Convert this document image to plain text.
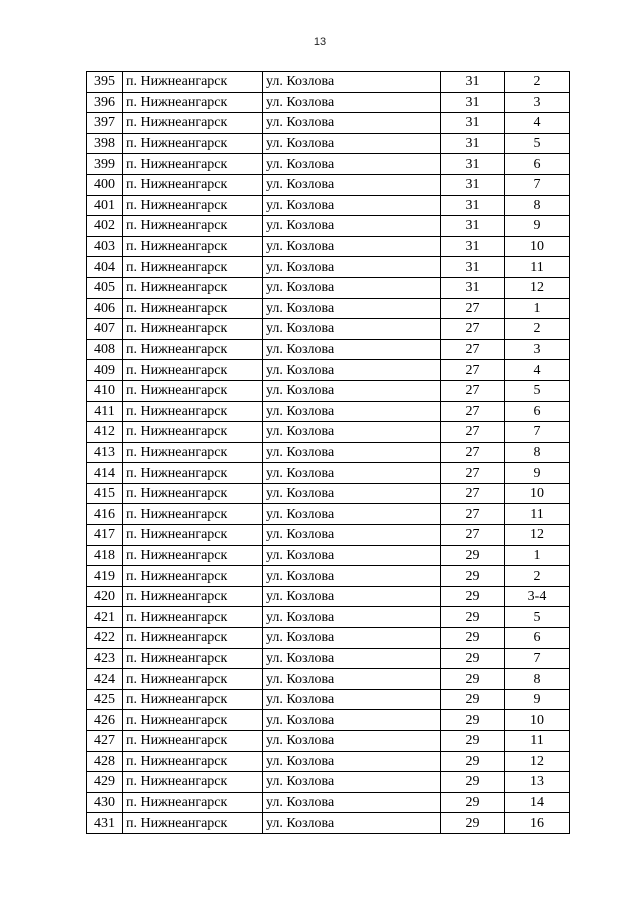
13
395	п. Нижнеангарск	ул. Козлова	31	2
396	п. Нижнеангарск	ул. Козлова	31	3
397	п. Нижнеангарск	ул. Козлова	31	4
398	п. Нижнеангарск	ул. Козлова	31	5
399	п. Нижнеангарск	ул. Козлова	31	6
400	п. Нижнеангарск	ул. Козлова	31	7
401	п. Нижнеангарск	ул. Козлова	31	8
402	п. Нижнеангарск	ул. Козлова	31	9
403	п. Нижнеангарск	ул. Козлова	31	10
404	п. Нижнеангарск	ул. Козлова	31	11
405	п. Нижнеангарск	ул. Козлова	31	12
406	п. Нижнеангарск	ул. Козлова	27	1
407	п. Нижнеангарск	ул. Козлова	27	2
408	п. Нижнеангарск	ул. Козлова	27	3
409	п. Нижнеангарск	ул. Козлова	27	4
410	п. Нижнеангарск	ул. Козлова	27	5
411	п. Нижнеангарск	ул. Козлова	27	6
412	п. Нижнеангарск	ул. Козлова	27	7
413	п. Нижнеангарск	ул. Козлова	27	8
414	п. Нижнеангарск	ул. Козлова	27	9
415	п. Нижнеангарск	ул. Козлова	27	10
416	п. Нижнеангарск	ул. Козлова	27	11
417	п. Нижнеангарск	ул. Козлова	27	12
418	п. Нижнеангарск	ул. Козлова	29	1
419	п. Нижнеангарск	ул. Козлова	29	2
420	п. Нижнеангарск	ул. Козлова	29	3-4
421	п. Нижнеангарск	ул. Козлова	29	5
422	п. Нижнеангарск	ул. Козлова	29	6
423	п. Нижнеангарск	ул. Козлова	29	7
424	п. Нижнеангарск	ул. Козлова	29	8
425	п. Нижнеангарск	ул. Козлова	29	9
426	п. Нижнеангарск	ул. Козлова	29	10
427	п. Нижнеангарск	ул. Козлова	29	11
428	п. Нижнеангарск	ул. Козлова	29	12
429	п. Нижнеангарск	ул. Козлова	29	13
430	п. Нижнеангарск	ул. Козлова	29	14
431	п. Нижнеангарск	ул. Козлова	29	16
